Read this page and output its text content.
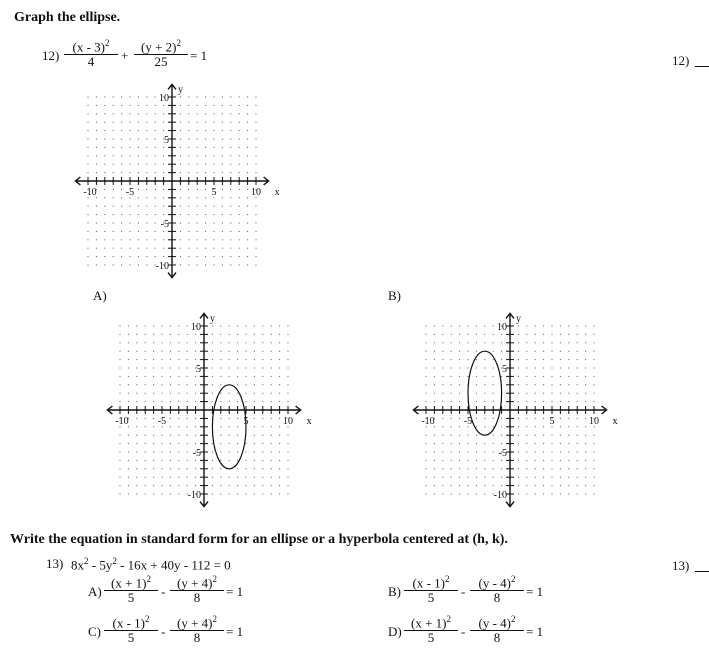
Graph the ellipse.
$12) \frac{(x - 3)^2}{4} + \frac{(y + 2)^2}{25} = 1$	12)
-10	-5	5	10 x
10
5
-5
-10
y
A)
-10	-5	5	10 x
10
5
-5
-10
y
B)
-10	-5	5	10 x
10
5
-5
-10
y
Write the equation in standard form for an ellipse or a hyperbola centered at (h, k).
13) $8x^2 - 5y^2 - 16x + 40y - 112 = 0$	13)
$A) \frac{(x + 1)^2}{5} - \frac{(y + 4)^2}{8} = 1$	$B) \frac{(x - 1)^2}{5} - \frac{(y - 4)^2}{8} = 1$
$C) \frac{(x - 1)^2}{5} - \frac{(y + 4)^2}{8} = 1$	$D) \frac{(x + 1)^2}{5} - \frac{(y - 4)^2}{8} = 1$
